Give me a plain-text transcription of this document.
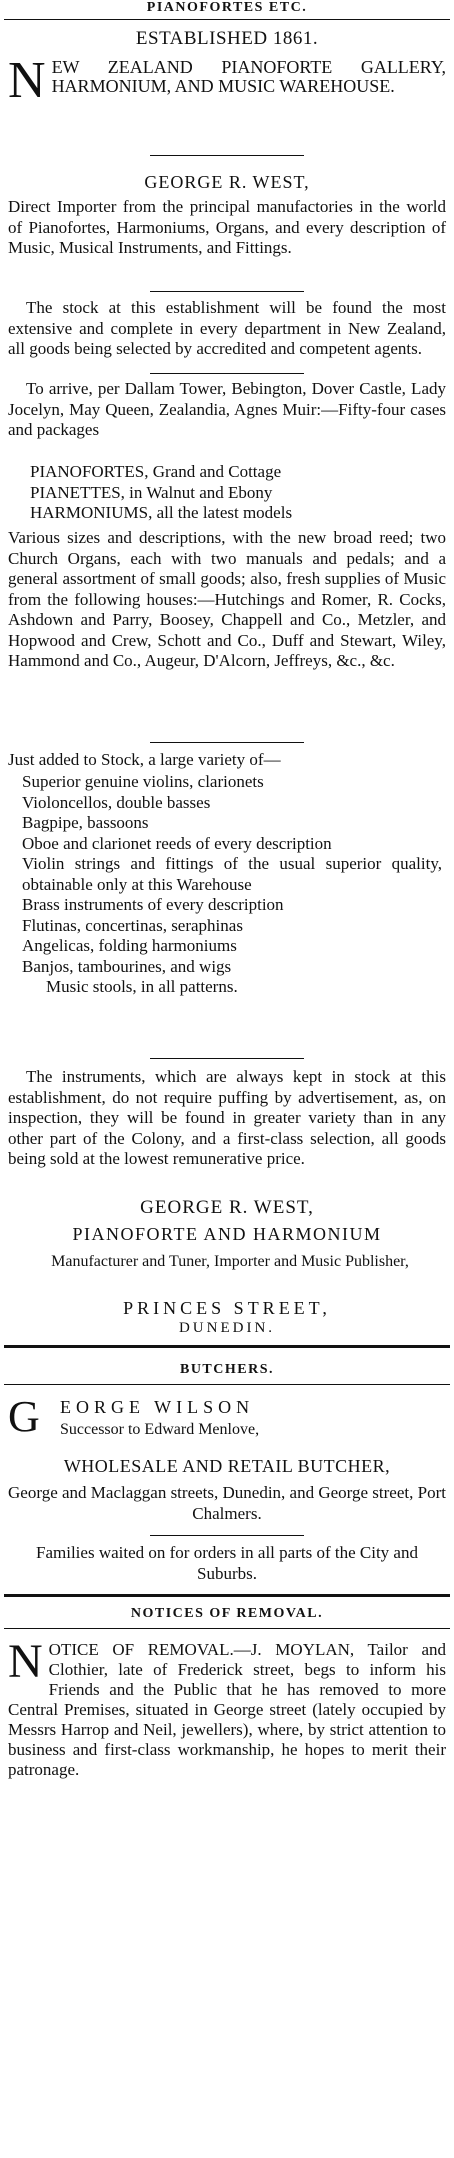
PIANOFORTES ETC.
ESTABLISHED 1861.
N EW ZEALAND PIANOFORTE GALLERY, HARMONIUM, AND MUSIC WAREHOUSE.
GEORGE R. WEST,

Direct Importer from the principal manufactories in the world of Pianofortes, Harmoniums, Organs, and every description of Music, Musical Instruments, and Fittings.

The stock at this establishment will be found the most extensive and complete in every department in New Zealand, all goods being selected by accredited and competent agents.

To arrive, per Dallam Tower, Bebington, Dover Castle, Lady Jocelyn, May Queen, Zealandia, Agnes Muir:—Fifty-four cases and packages

PIANOFORTES, Grand and Cottage
PIANETTES, in Walnut and Ebony
HARMONIUMS, all the latest models

Various sizes and descriptions, with the new broad reed; two Church Organs, each with two manuals and pedals; and a general assortment of small goods; also, fresh supplies of Music from the following houses:—Hutchings and Romer, R. Cocks, Ashdown and Parry, Boosey, Chappell and Co., Metzler, and Hopwood and Crew, Schott and Co., Duff and Stewart, Wiley, Hammond and Co., Augeur, D'Alcorn, Jeffreys, &c., &c.

Just added to Stock, a large variety of—

Superior genuine violins, clarionets
Violoncellos, double basses
Bagpipe, bassoons
Oboe and clarionet reeds of every description
Violin strings and fittings of the usual superior quality, obtainable only at this Warehouse
Brass instruments of every description
Flutinas, concertinas, seraphinas
Angelicas, folding harmoniums
Banjos, tambourines, and wigs
Music stools, in all patterns.

The instruments, which are always kept in stock at this establishment, do not require puffing by advertisement, as, on inspection, they will be found in greater variety than in any other part of the Colony, and a first-class selection, all goods being sold at the lowest remunerative price.

GEORGE R. WEST,
PIANOFORTE AND HARMONIUM
Manufacturer and Tuner, Importer and Music Publisher,
PRINCES STREET,
DUNEDIN.
BUTCHERS.
G EORGE WILSON
Successor to Edward Menlove,
WHOLESALE AND RETAIL BUTCHER,
George and Maclaggan streets, Dunedin, and George street, Port Chalmers.
Families waited on for orders in all parts of the City and Suburbs.
NOTICES OF REMOVAL.
N OTICE OF REMOVAL.—J. MOYLAN, Tailor and Clothier, late of Frederick street, begs to inform his Friends and the Public that he has removed to more Central Premises, situated in George street (lately occupied by Messrs Harrop and Neil, jewellers), where, by strict attention to business and first-class workmanship, he hopes to merit their patronage.
